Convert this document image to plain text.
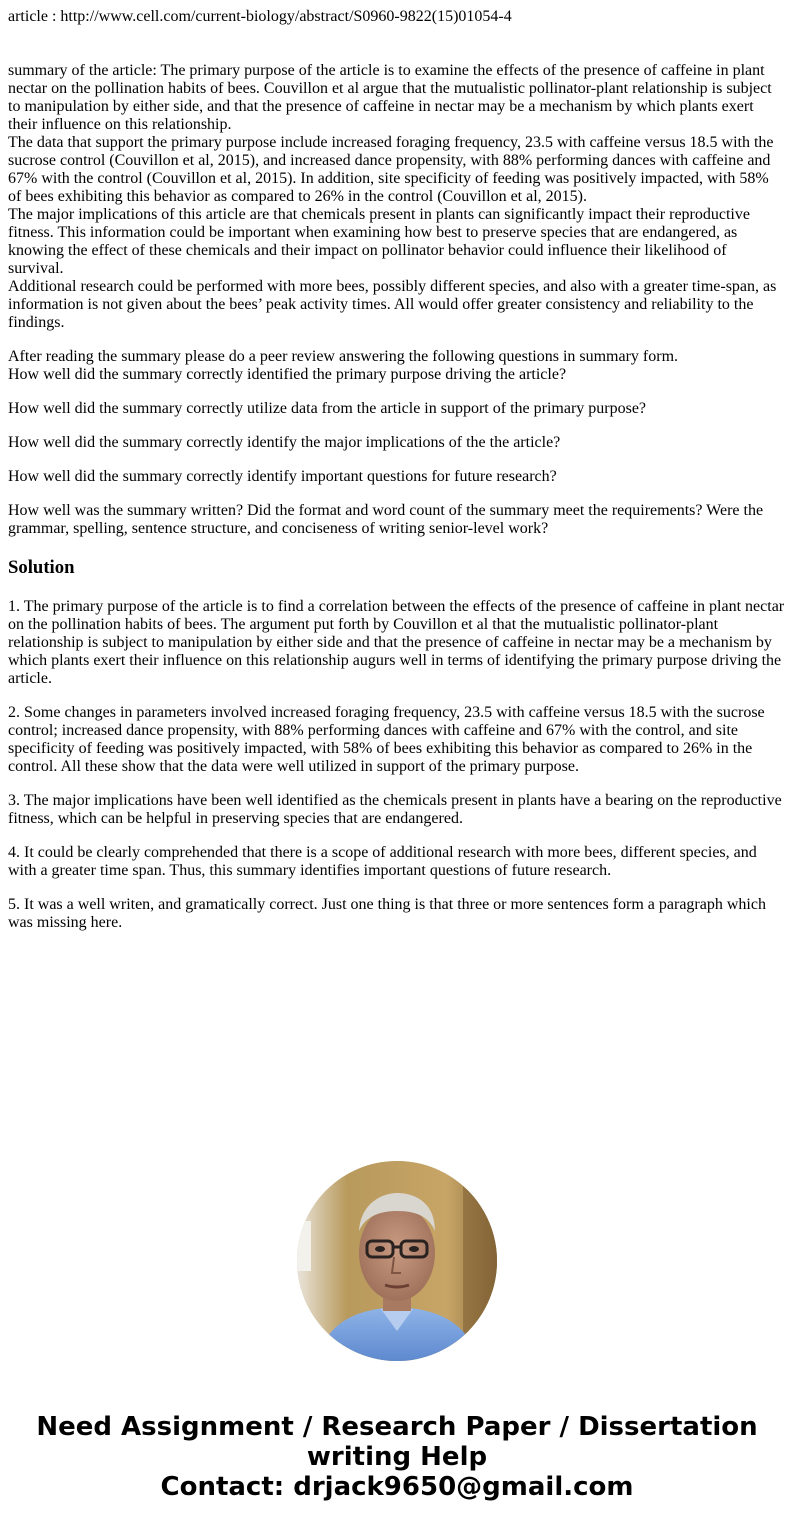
article : http://www.cell.com/current-biology/abstract/S0960-9822(15)01054-4

summary of the article: The primary purpose of the article is to examine the effects of the presence of caffeine in plant nectar on the pollination habits of bees. Couvillon et al argue that the mutualistic pollinator-plant relationship is subject to manipulation by either side, and that the presence of caffeine in nectar may be a mechanism by which plants exert their influence on this relationship.

The data that support the primary purpose include increased foraging frequency, 23.5 with caffeine versus 18.5 with the sucrose control (Couvillon et al, 2015), and increased dance propensity, with 88% performing dances with caffeine and 67% with the control (Couvillon et al, 2015). In addition, site specificity of feeding was positively impacted, with 58% of bees exhibiting this behavior as compared to 26% in the control (Couvillon et al, 2015).

The major implications of this article are that chemicals present in plants can significantly impact their reproductive fitness. This information could be important when examining how best to preserve species that are endangered, as knowing the effect of these chemicals and their impact on pollinator behavior could influence their likelihood of survival.

Additional research could be performed with more bees, possibly different species, and also with a greater time-span, as information is not given about the bees’ peak activity times. All would offer greater consistency and reliability to the findings.

After reading the summary please do a peer review answering the following questions in summary form.

How well did the summary correctly identified the primary purpose driving the article?

How well did the summary correctly utilize data from the article in support of the primary purpose?

How well did the summary correctly identify the major implications of the the article?

How well did the summary correctly identify important questions for future research?

How well was the summary written? Did the format and word count of the summary meet the requirements? Were the grammar, spelling, sentence structure, and conciseness of writing senior-level work?

Solution

1. The primary purpose of the article is to find a correlation between the effects of the presence of caffeine in plant nectar on the pollination habits of bees. The argument put forth by Couvillon et al that the mutualistic pollinator-plant relationship is subject to manipulation by either side and that the presence of caffeine in nectar may be a mechanism by which plants exert their influence on this relationship augurs well in terms of identifying the primary purpose driving the article.

2. Some changes in parameters involved increased foraging frequency, 23.5 with caffeine versus 18.5 with the sucrose control; increased dance propensity, with 88% performing dances with caffeine and 67% with the control, and site specificity of feeding was positively impacted, with 58% of bees exhibiting this behavior as compared to 26% in the control. All these show that the data were well utilized in support of the primary purpose.

3. The major implications have been well identified as the chemicals present in plants have a bearing on the reproductive fitness, which can be helpful in preserving species that are endangered.

4. It could be clearly comprehended that there is a scope of additional research with more bees, different species, and with a greater time span. Thus, this summary identifies important questions of future research.

5. It was a well writen, and gramatically correct. Just one thing is that three or more sentences form a paragraph which was missing here.

Need Assignment / Research Paper / Dissertation
writing Help
Contact: drjack9650@gmail.com
